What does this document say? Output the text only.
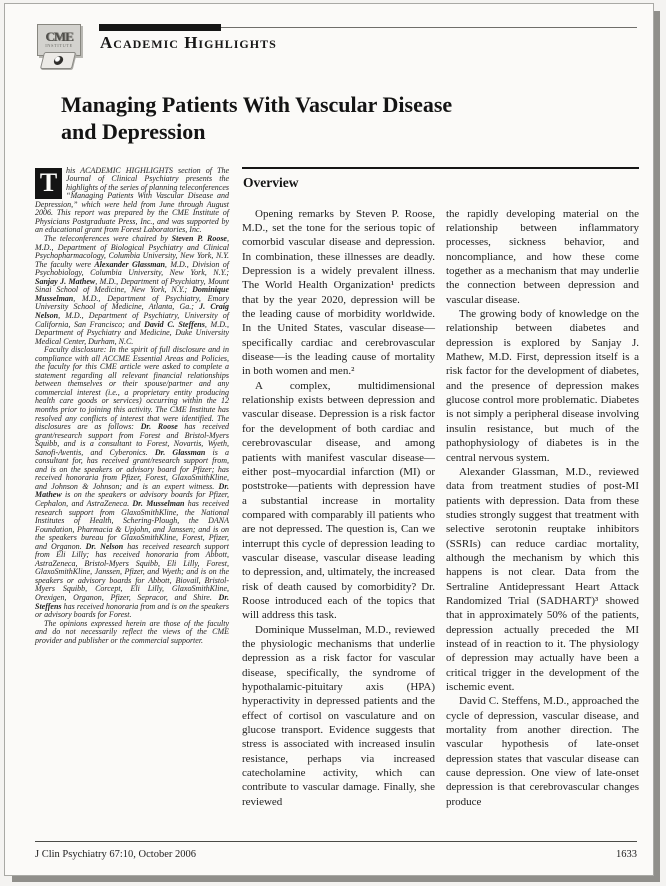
CME
INSTITUTE Academic Highlights
Managing Patients With Vascular Disease
and Depression

T	his ACADEMIC HIGHLIGHTS section of The Journal of Clinical Psychiatry presents the highlights of the series of planning teleconferences “Managing Patients With Vascular Disease and Depression,” which were held from June through August 2006. This report was prepared by the CME Institute of Physicians Postgraduate Press, Inc., and was supported by an educational grant from Forest Laboratories, Inc.

The teleconferences were chaired by Steven P. Roose, M.D., Department of Biological Psychiatry and Clinical Psychopharmacology, Columbia University, New York, N.Y. The faculty were Alexander Glassman, M.D., Division of Psychobiology, Columbia University, New York, N.Y.; Sanjay J. Mathew, M.D., Department of Psychiatry, Mount Sinai School of Medicine, New York, N.Y.; Dominique Musselman, M.D., Department of Psychiatry, Emory University School of Medicine, Atlanta, Ga.; J. Craig Nelson, M.D., Department of Psychiatry, University of California, San Francisco; and David C. Steffens, M.D., Department of Psychiatry and Medicine, Duke University Medical Center, Durham, N.C.

Faculty disclosure: In the spirit of full disclosure and in compliance with all ACCME Essential Areas and Policies, the faculty for this CME article were asked to complete a statement regarding all relevant financial relationships between themselves or their spouse/partner and any commercial interest (i.e., a proprietary entity producing health care goods or services) occurring within the 12 months prior to joining this activity. The CME Institute has resolved any conflicts of interest that were identified. The disclosures are as follows: Dr. Roose has received grant/research support from Forest and Bristol-Myers Squibb, and is a consultant to Forest, Novartis, Wyeth, Sanofi-Aventis, and Cyberonics. Dr. Glassman is a consultant for, has received grant/research support from, and is on the speakers or advisory board for Pfizer; has received honoraria from Pfizer, Forest, GlaxoSmithKline, and Johnson & Johnson; and is an expert witness. Dr. Mathew is on the speakers or advisory boards for Pfizer, Cephalon, and AstraZeneca. Dr. Musselman has received research support from GlaxoSmithKline, the National Institutes of Health, Schering-Plough, the DANA Foundation, Pharmacia & Upjohn, and Janssen; and is on the speakers bureau for GlaxoSmithKline, Forest, Pfizer, and Organon. Dr. Nelson has received research support from Eli Lilly; has received honoraria from Abbott, AstraZeneca, Bristol-Myers Squibb, Eli Lilly, Forest, GlaxoSmithKline, Janssen, Pfizer, and Wyeth; and is on the speakers or advisory boards for Abbott, Biovail, Bristol-Myers Squibb, Corcept, Eli Lilly, GlaxoSmithKline, Orexigen, Organon, Pfizer, Sepracor, and Shire. Dr. Steffens has received honoraria from and is on the speakers or advisory boards for Forest.

The opinions expressed herein are those of the faculty and do not necessarily reflect the views of the CME provider and publisher or the commercial supporter.

Overview

Opening remarks by Steven P. Roose, M.D., set the tone for the serious topic of comorbid vascular disease and depression. In combination, these illnesses are deadly. Depression is a widely prevalent illness. The World Health Organization¹ predicts that by the year 2020, depression will be the leading cause of morbidity worldwide. In the United States, vascular disease—specifically cardiac and cerebrovascular disease—is the leading cause of mortality in both women and men.²

A complex, multidimensional relationship exists between depression and vascular disease. Depression is a risk factor for the development of both cardiac and cerebrovascular disease, and among patients with manifest vascular disease—either post–myocardial infarction (MI) or poststroke—patients with depression have a substantial increase in mortality compared with comparably ill patients who are not depressed. The question is, Can we interrupt this cycle of depression leading to vascular disease, vascular disease leading to depression, and, ultimately, the increased risk of death caused by comorbidity? Dr. Roose introduced each of the topics that will address this task.

Dominique Musselman, M.D., reviewed the physiologic mechanisms that underlie depression as a risk factor for vascular disease, specifically, the syndrome of hypothalamic-pituitary axis (HPA) hyperactivity in depressed patients and the effect of cortisol on vasculature and on glucose transport. Evidence suggests that stress is associated with increased insulin resistance, perhaps via increased catecholamine activity, which can contribute to vascular damage. Finally, she reviewed

the rapidly developing material on the relationship between inflammatory processes, sickness behavior, and noncompliance, and how these come together as a mechanism that may underlie the connection between depression and vascular disease.

The growing body of knowledge on the relationship between diabetes and depression is explored by Sanjay J. Mathew, M.D. First, depression itself is a risk factor for the development of diabetes, and the presence of depression makes glucose control more problematic. Diabetes is not simply a peripheral disease involving insulin resistance, but much of the pathophysiology of diabetes is in the central nervous system.

Alexander Glassman, M.D., reviewed data from treatment studies of post-MI patients with depression. Data from these studies strongly suggest that treatment with selective serotonin reuptake inhibitors (SSRIs) can reduce cardiac mortality, although the mechanism by which this happens is not clear. Data from the Sertraline Antidepressant Heart Attack Randomized Trial (SADHART)³ showed that in approximately 50% of the patients, depression actually preceded the MI instead of in reaction to it. The physiology of depression may actually have been a critical trigger in the development of the ischemic event.

David C. Steffens, M.D., approached the cycle of depression, vascular disease, and mortality from another direction. The vascular hypothesis of late-onset depression states that vascular disease can cause depression. One view of late-onset depression is that cerebrovascular changes produce

J Clin Psychiatry 67:10, October 2006	1633
